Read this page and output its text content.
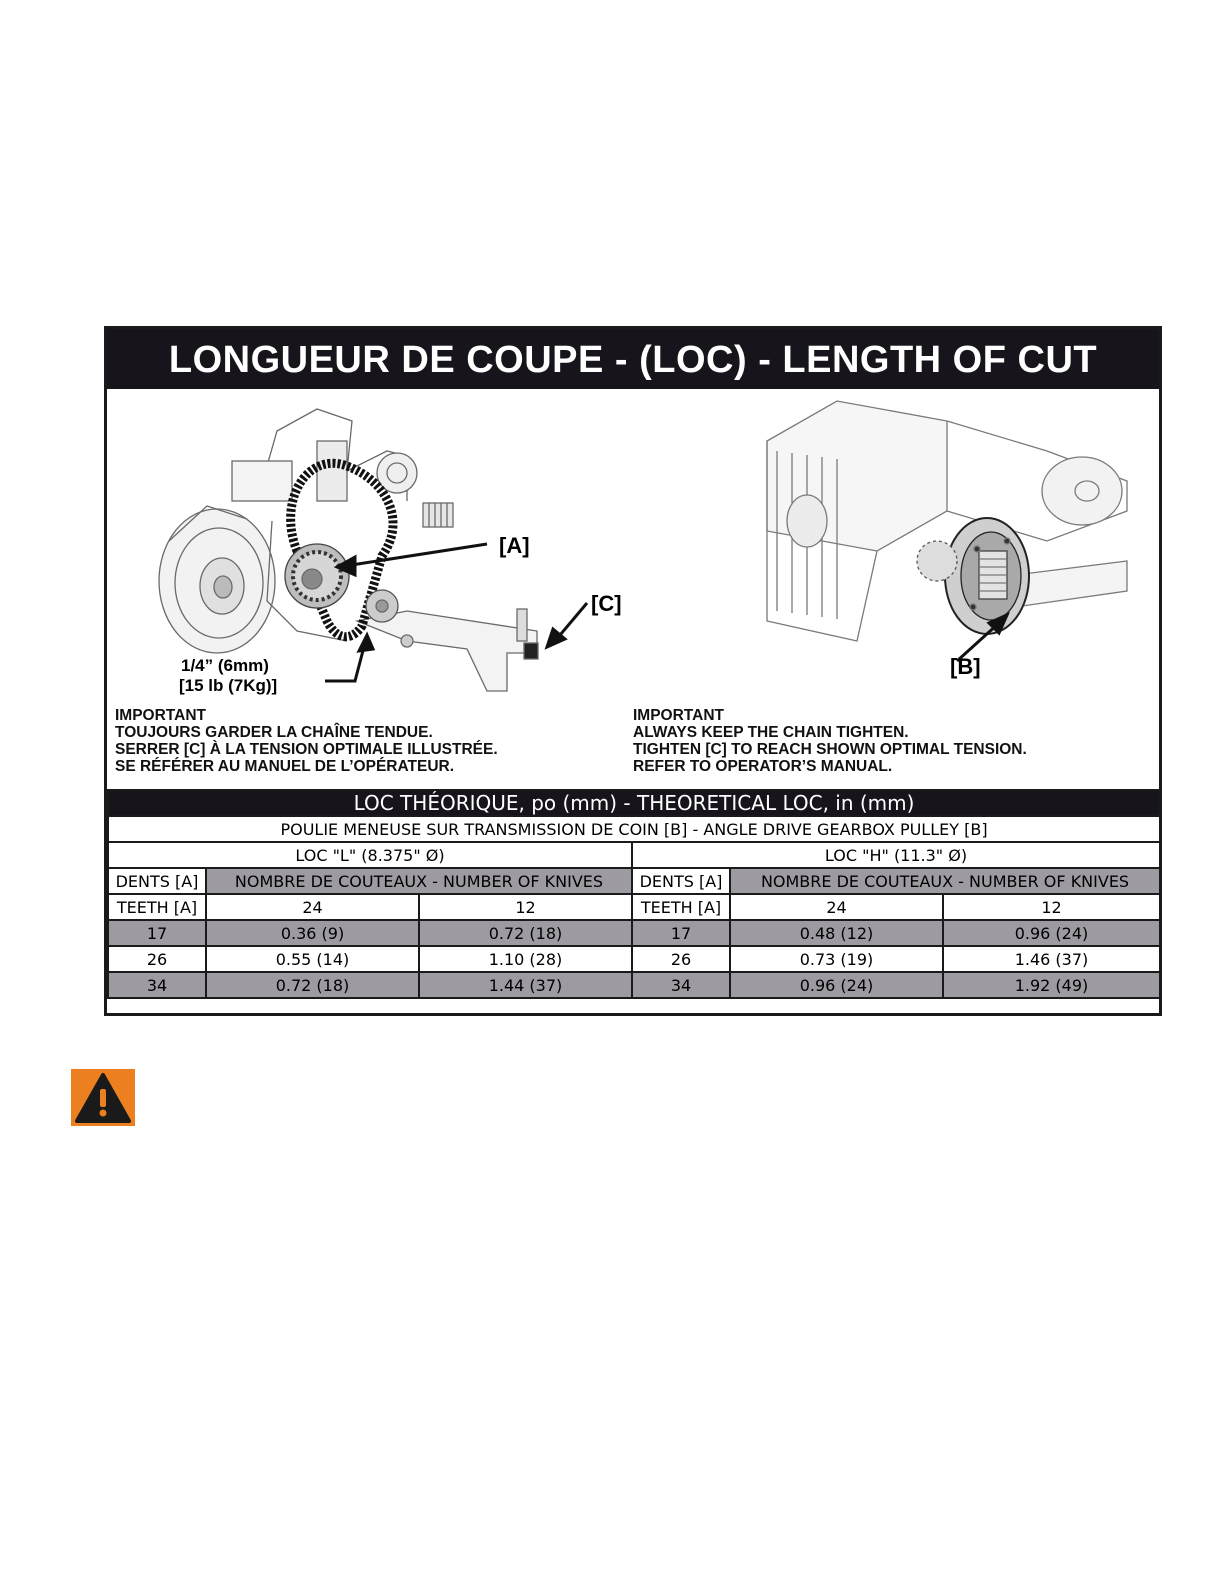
LONGUEUR DE COUPE - (LOC) - LENGTH OF CUT
[A]
[C]
1/4” (6mm)
[15 lb (7Kg)]
[B]
IMPORTANT
TOUJOURS GARDER LA CHAÎNE TENDUE.
SERRER [C] À LA TENSION OPTIMALE ILLUSTRÉE.
SE RÉFÉRER AU MANUEL DE L’OPÉRATEUR.
IMPORTANT
ALWAYS KEEP THE CHAIN TIGHTEN.
TIGHTEN [C] TO REACH SHOWN OPTIMAL TENSION.
REFER TO OPERATOR’S MANUAL.
LOC THÉORIQUE, po (mm) - THEORETICAL LOC, in (mm)					
POULIE MENEUSE SUR TRANSMISSION DE COIN [B] - ANGLE DRIVE GEARBOX PULLEY [B]					
LOC "L" (8.375" Ø)			LOC "H" (11.3" Ø)		
DENTS [A]	NOMBRE DE COUTEAUX - NUMBER OF KNIVES		DENTS [A]	NOMBRE DE COUTEAUX - NUMBER OF KNIVES	
TEETH [A]	24	12	TEETH [A]	24	12
17	0.36 (9)	0.72 (18)	17	0.48 (12)	0.96 (24)
26	0.55 (14)	1.10 (28)	26	0.73 (19)	1.46 (37)
34	0.72 (18)	1.44 (37)	34	0.96 (24)	1.92 (49)
